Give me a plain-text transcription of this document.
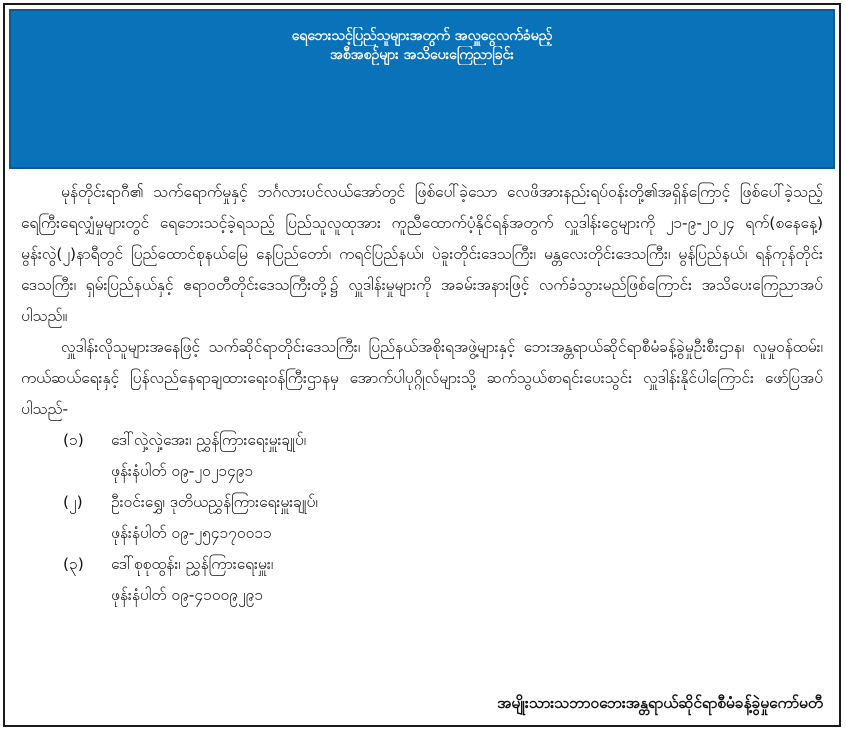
ရေဘေးသင့်ပြည်သူများအတွက် အလှူငွေလက်ခံမည့်
အစီအစဉ်များ အသိပေးကြေညာခြင်း

မုန်တိုင်းရာဂီ၏ သက်ရောက်မှုနှင့် ဘင်္ဂလားပင်လယ်အော်တွင် ဖြစ်ပေါ်ခဲ့သော လေဖိအားနည်းရပ်ဝန်းတို့၏အရှိန်ကြောင့် ဖြစ်ပေါ်ခဲ့သည့် ရေကြီးရေလျှံမှုများတွင် ရေဘေးသင့်ခဲ့ရသည့် ပြည်သူလူထုအား ကူညီထောက်ပံ့နိုင်ရန်အတွက် လှူဒါန်းငွေများကို ၂၁-၉-၂၀၂၄ ရက်(စနေနေ့) မွန်းလွဲ(၂)နာရီတွင် ပြည်ထောင်စုနယ်မြေ နေပြည်တော်၊ ကရင်ပြည်နယ်၊ ပဲခူးတိုင်းဒေသကြီး၊ မန္တလေးတိုင်းဒေသကြီး၊ မွန်ပြည်နယ်၊ ရန်ကုန်တိုင်းဒေသကြီး၊ ရှမ်းပြည်နယ်နှင့် ဧရာဝတီတိုင်းဒေသကြီးတို့၌ လှူဒါန်းမှုများကို အခမ်းအနားဖြင့် လက်ခံသွားမည်ဖြစ်ကြောင်း အသိပေးကြေညာအပ်ပါသည်။

လှူဒါန်းလိုသူများအနေဖြင့် သက်ဆိုင်ရာတိုင်းဒေသကြီး၊ ပြည်နယ်အစိုးရအဖွဲ့များနှင့် ဘေးအန္တရာယ်ဆိုင်ရာစီမံခန့်ခွဲမှုဦးစီးဌာန၊ လူမှုဝန်ထမ်း၊ ကယ်ဆယ်ရေးနှင့် ပြန်လည်နေရာချထားရေးဝန်ကြီးဌာနမှ အောက်ပါပုဂ္ဂိုလ်များသို့ ဆက်သွယ်စာရင်းပေးသွင်း လှူဒါန်းနိုင်ပါကြောင်း ဖော်ပြအပ်ပါသည်-

(၁) ဒေါ်လှဲ့လှဲ့အေး၊ ညွှန်ကြားရေးမှူးချုပ်၊
ဖုန်းနံပါတ် ၀၉-၂၀၂၁၄၉၁
(၂) ဦးဝင်းရွှေ၊ ဒုတိယညွှန်ကြားရေးမှူးချုပ်၊
ဖုန်းနံပါတ် ၀၉-၂၅၄၁၇၀၀၁၁
(၃) ဒေါ်စုစုထွန်း၊ ညွှန်ကြားရေးမှူး၊
ဖုန်းနံပါတ် ၀၉-၄၁၀၀၉၂၉၁
အမျိုးသားသဘာဝဘေးအန္တရာယ်ဆိုင်ရာစီမံခန့်ခွဲမှုကော်မတီ
